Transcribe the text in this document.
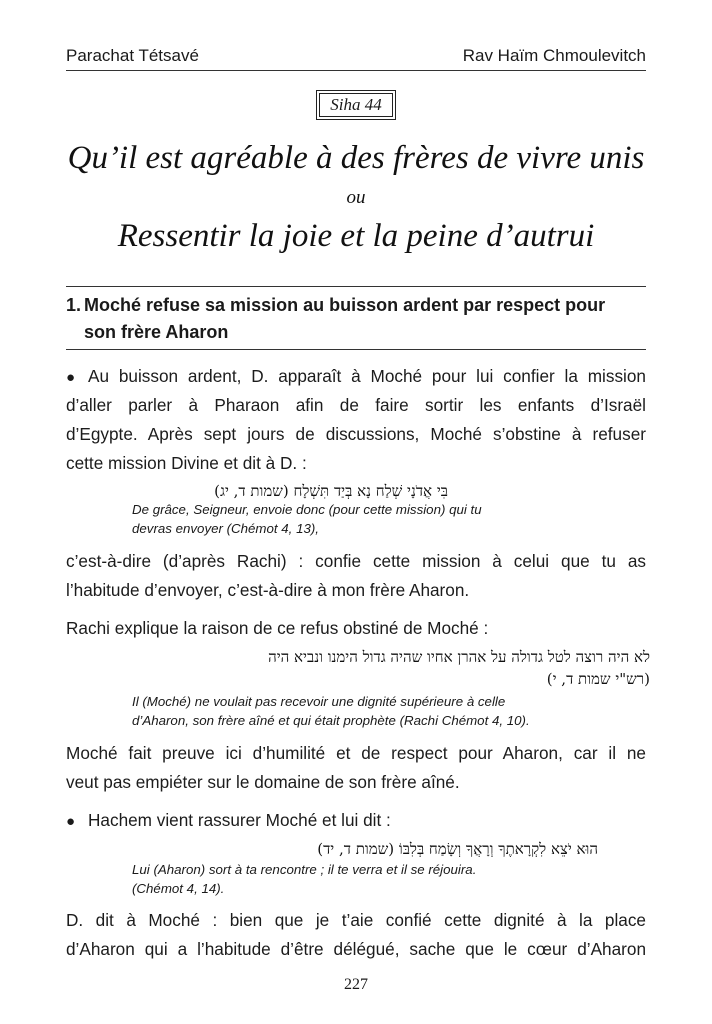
Parachat Tétsavé	Rav Haïm Chmoulevitch
Siha 44
Qu’il est agréable à des frères de vivre unis
ou
Ressentir la joie et la peine d’autrui
1. Moché refuse sa mission au buisson ardent par respect pour
son frère Aharon
● Au buisson ardent, D. apparaît à Moché pour lui confier la mission
d’aller parler à Pharaon afin de faire sortir les enfants d’Israël
d’Egypte. Après sept jours de discussions, Moché s’obstine à refuser
cette mission Divine et dit à D. :
בִּי אֲדֹנָי שְׁלַח נָא בְּיַד תִּשְׁלָח (שמות ד, יג)
De grâce, Seigneur, envoie donc (pour cette mission) qui tu
devras envoyer (Chémot 4, 13),
c’est-à-dire (d’après Rachi) : confie cette mission à celui que tu as
l’habitude d’envoyer, c’est-à-dire à mon frère Aharon.
Rachi explique la raison de ce refus obstiné de Moché :
לא היה רוצה לטל גדולה על אהרן אחיו שהיה גדול הימנו ונביא היה
(רש"י שמות ד, י)
Il (Moché) ne voulait pas recevoir une dignité supérieure à celle
d’Aharon, son frère aîné et qui était prophète (Rachi Chémot 4, 10).
Moché fait preuve ici d’humilité et de respect pour Aharon, car il ne
veut pas empiéter sur le domaine de son frère aîné.
● Hachem vient rassurer Moché et lui dit :
הוּא יֹצֵא לִקְרָאתֶךָ וְרָאֲךָ וְשָׂמַח בְּלִבּוֹ (שמות ד, יד)
Lui (Aharon) sort à ta rencontre ; il te verra et il se réjouira.
(Chémot 4, 14).
D. dit à Moché : bien que je t’aie confié cette dignité à la place
d’Aharon qui a l’habitude d’être délégué, sache que le cœur d’Aharon
227
